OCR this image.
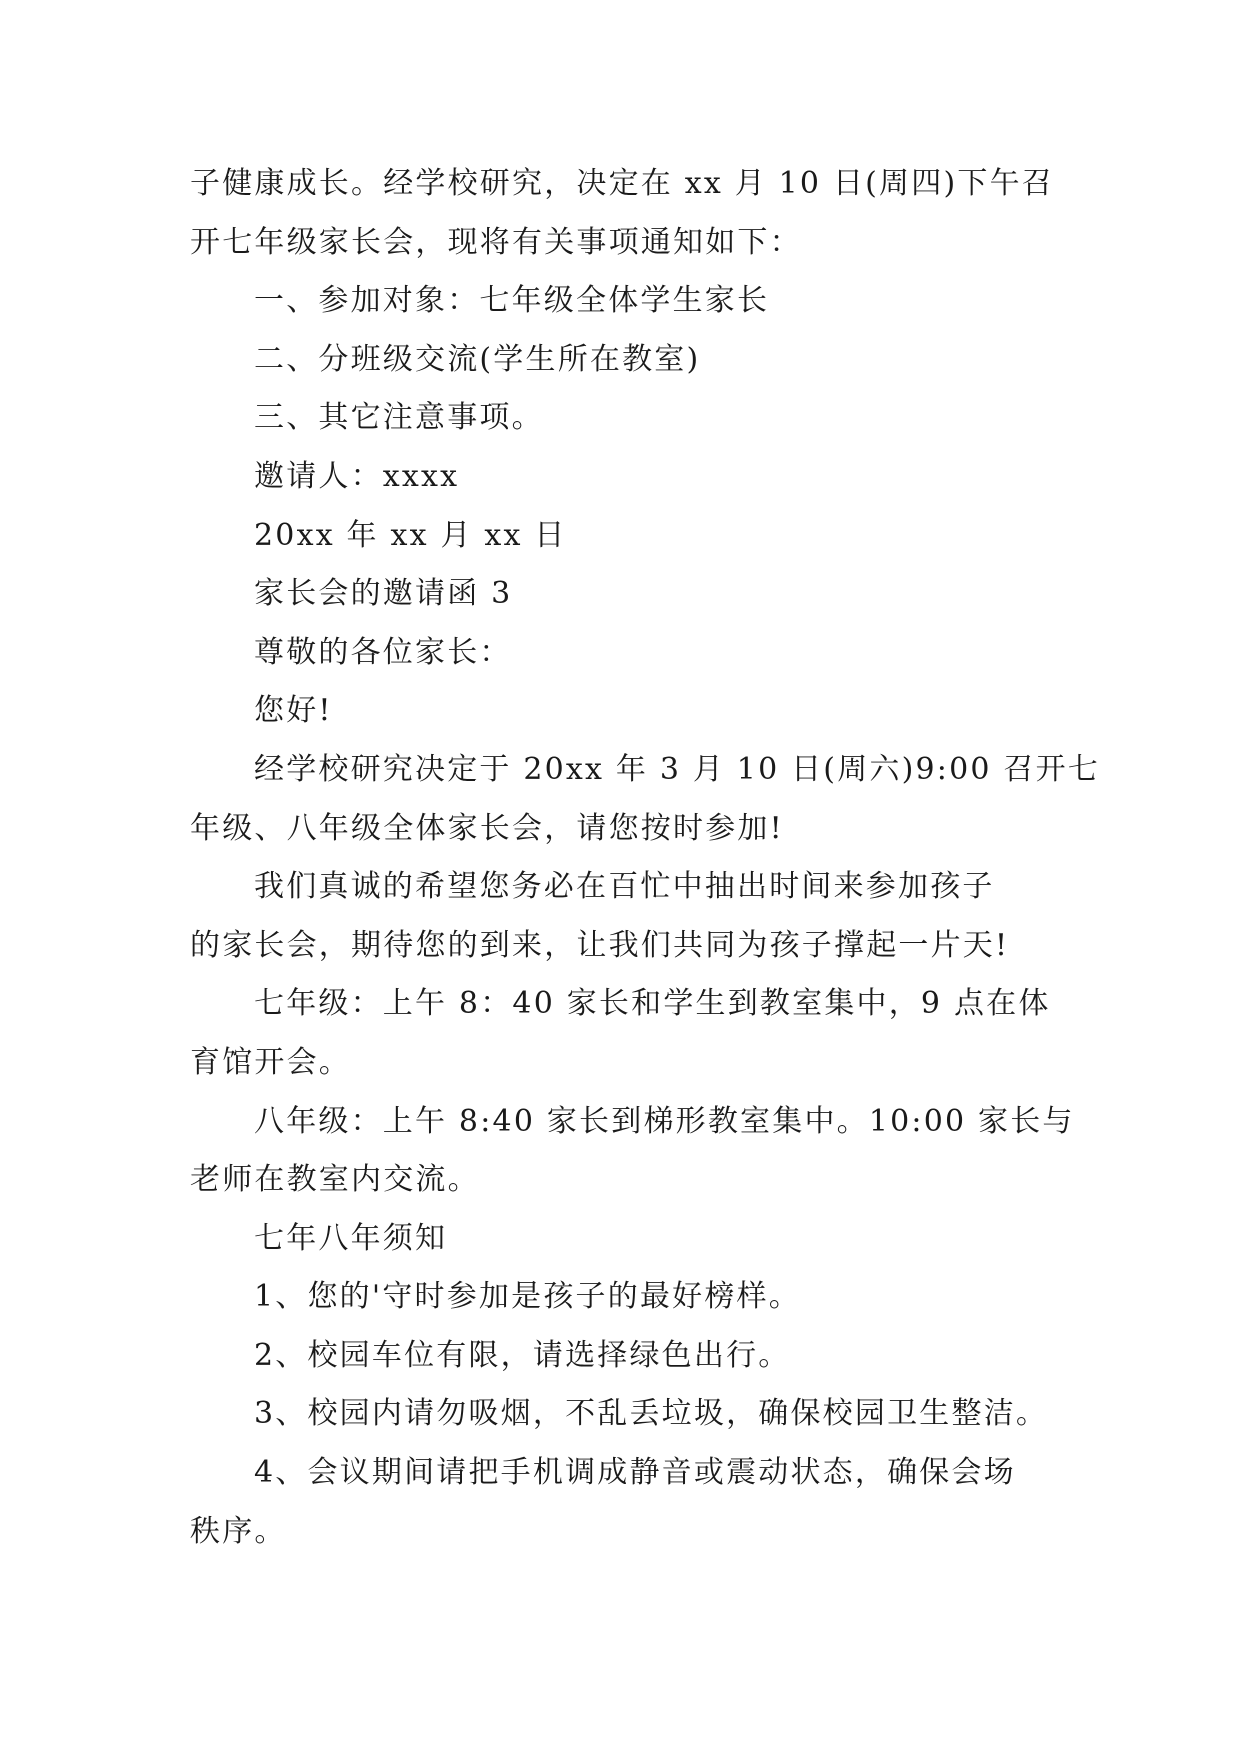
子健康成长。经学校研究，决定在 xx 月 10 日(周四)下午召

开七年级家长会，现将有关事项通知如下：

一、参加对象：七年级全体学生家长

二、分班级交流(学生所在教室)

三、其它注意事项。

邀请人：xxxx

20xx 年 xx 月 xx 日

家长会的邀请函 3

尊敬的各位家长：

您好!

经学校研究决定于 20xx 年 3 月 10 日(周六)9:00 召开七

年级、八年级全体家长会，请您按时参加!

我们真诚的希望您务必在百忙中抽出时间来参加孩子

的家长会，期待您的到来，让我们共同为孩子撑起一片天!

七年级：上午 8：40 家长和学生到教室集中，9 点在体

育馆开会。

八年级：上午 8:40 家长到梯形教室集中。10:00 家长与

老师在教室内交流。

七年八年须知

1、您的'守时参加是孩子的最好榜样。

2、校园车位有限，请选择绿色出行。

3、校园内请勿吸烟，不乱丢垃圾，确保校园卫生整洁。

4、会议期间请把手机调成静音或震动状态，确保会场

秩序。
